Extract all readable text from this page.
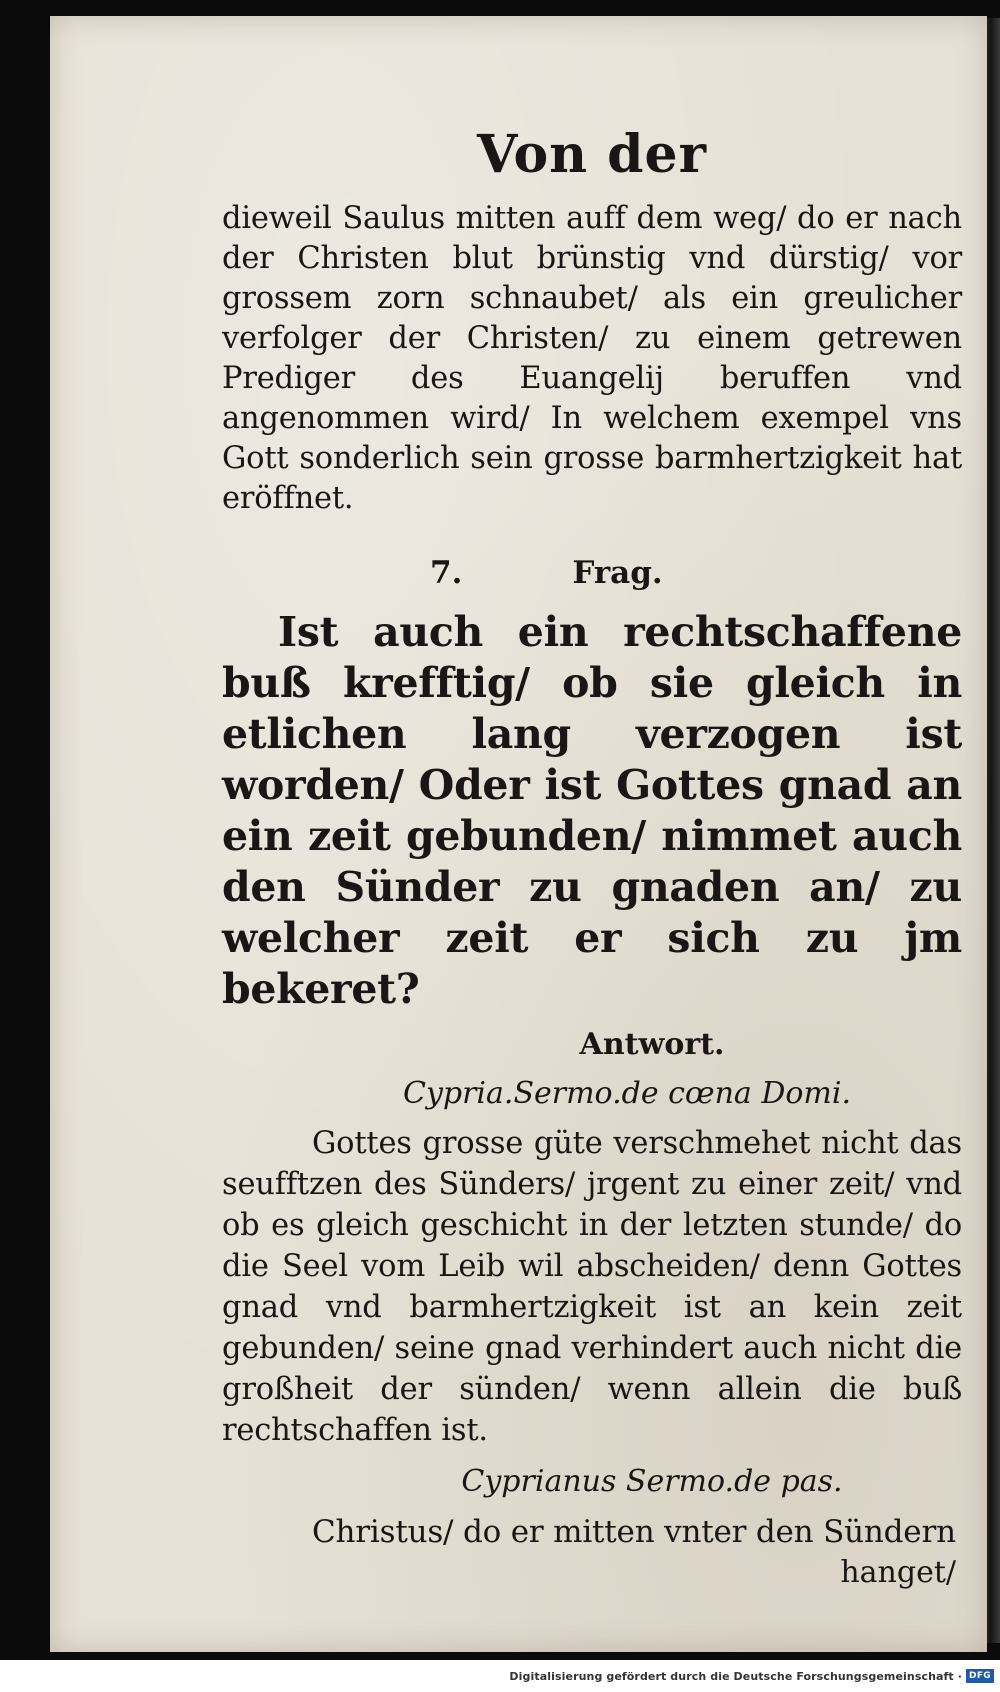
Von der

dieweil Saulus mitten auff dem weg/ do er nach der Christen blut brünstig vnd dürstig/ vor grossem zorn schnaubet/ als ein greulicher verfolger der Christen/ zu einem getrewen Prediger des Euangelij beruffen vnd angenommen wird/ In welchem exempel vns Gott sonderlich sein grosse barmhertzigkeit hat eröffnet.

7.	Frag.

Ist auch ein rechtschaffene buß krefftig/ ob sie gleich in etlichen lang verzogen ist worden/ Oder ist Gottes gnad an ein zeit gebunden/ nimmet auch den Sünder zu gnaden an/ zu welcher zeit er sich zu jm bekeret?

Antwort.
Cypria.Sermo.de cœna Domi.

Gottes grosse güte verschmehet nicht das seufftzen des Sünders/ jrgent zu einer zeit/ vnd ob es gleich geschicht in der letzten stunde/ do die Seel vom Leib wil abscheiden/ denn Gottes gnad vnd barmhertzigkeit ist an kein zeit gebunden/ seine gnad verhindert auch nicht die großheit der sünden/ wenn allein die buß rechtschaffen ist.

Cyprianus Sermo.de pas.

Christus/ do er mitten vnter den Sündern

hanget/
Digitalisierung gefördert durch die Deutsche Forschungsgemeinschaft · DFG
